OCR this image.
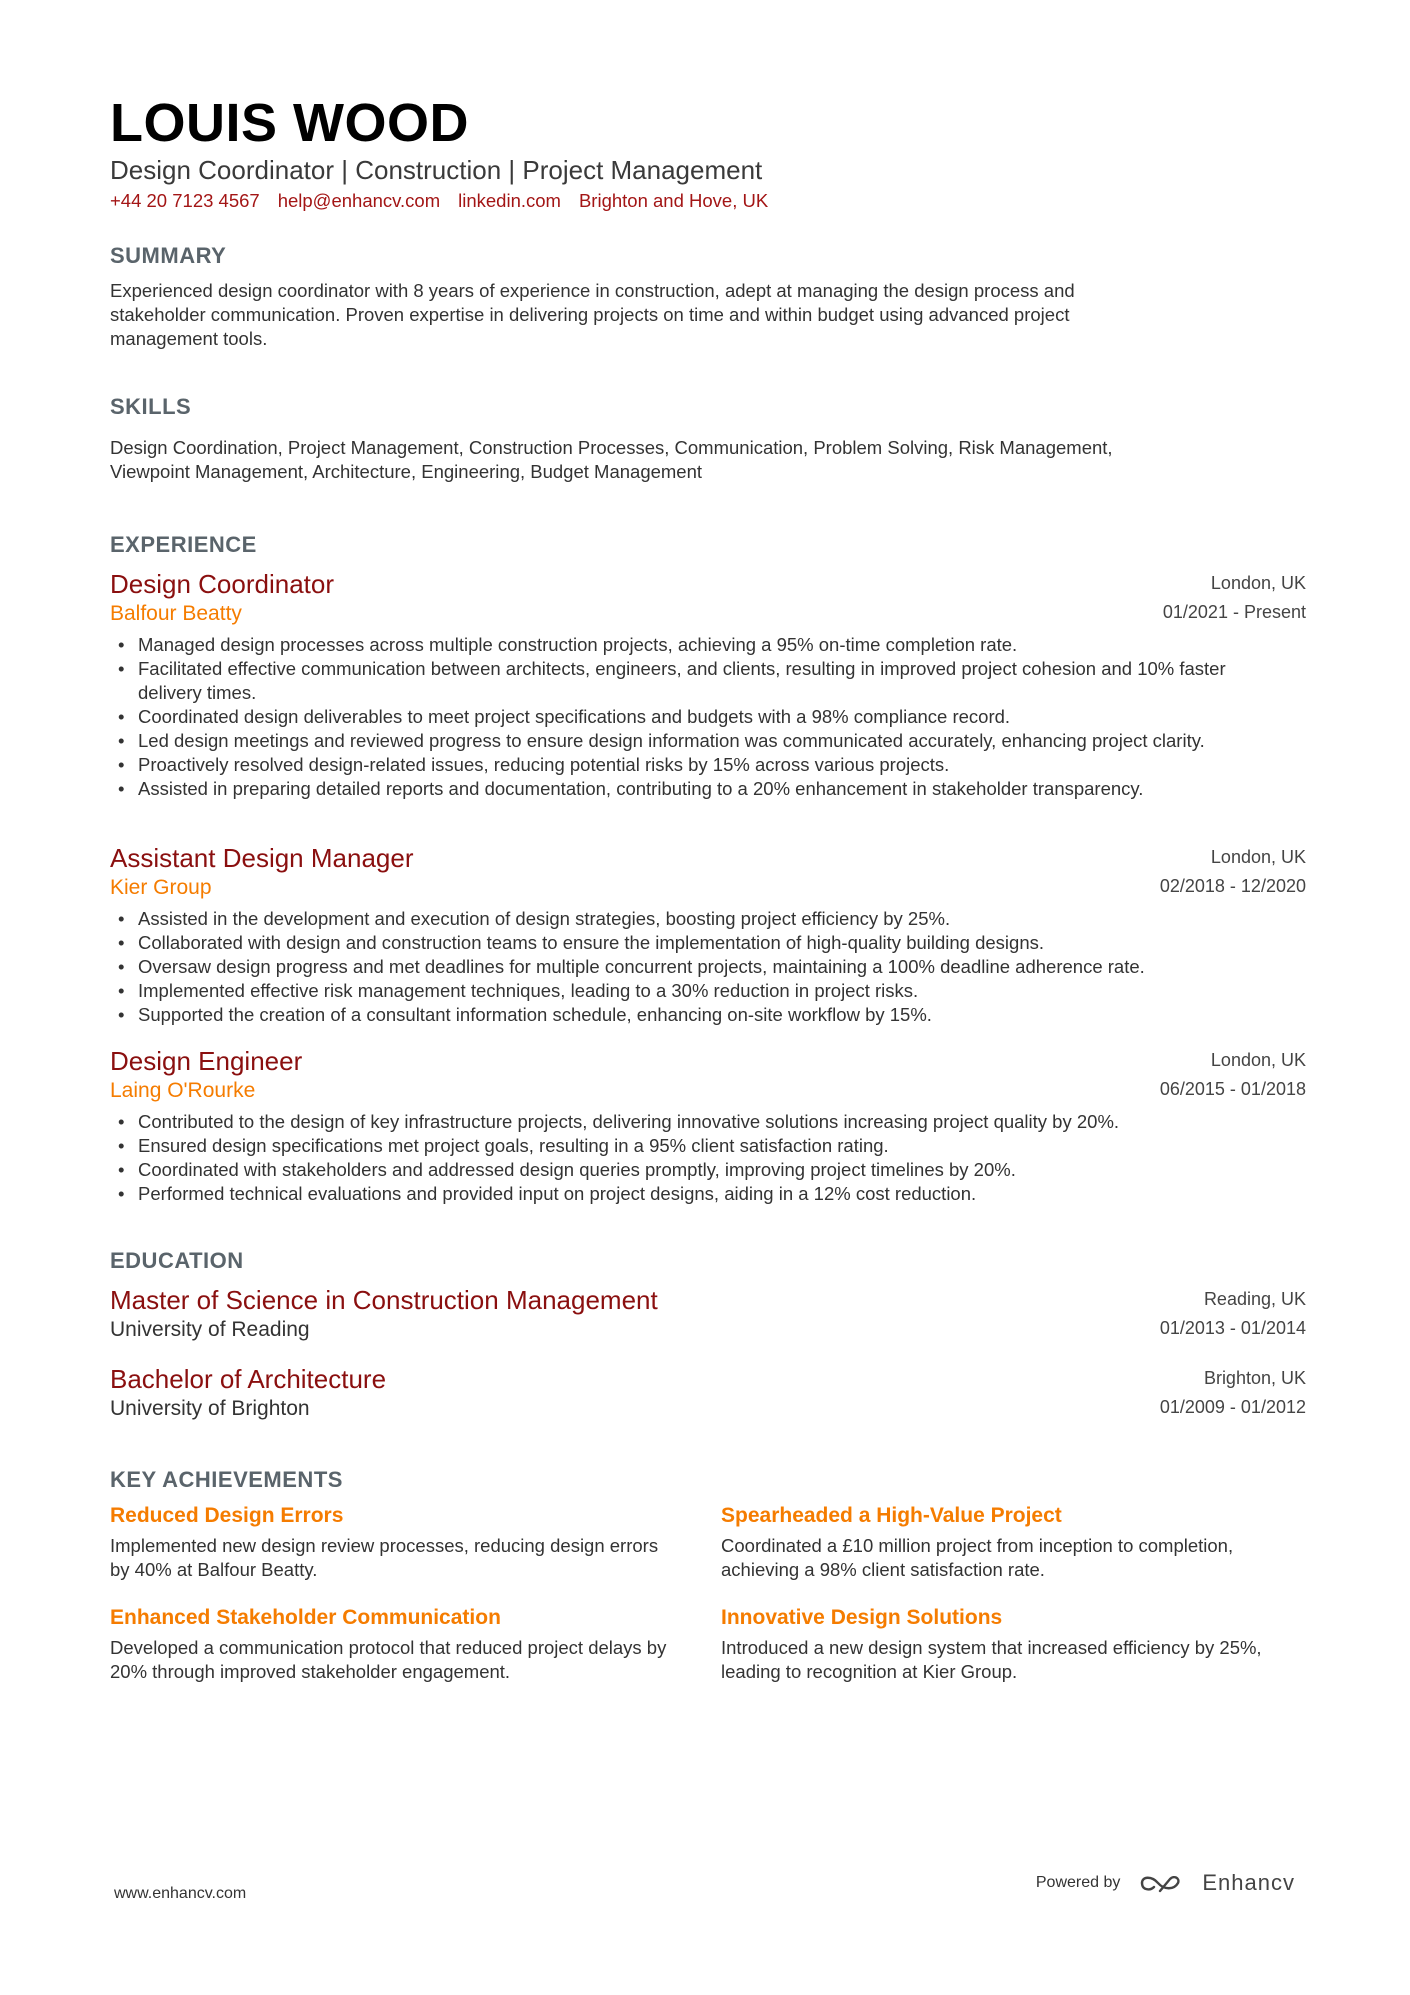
LOUIS WOOD
Design Coordinator | Construction | Project Management
+44 20 7123 4567 help@enhancv.com linkedin.com Brighton and Hove, UK
SUMMARY
Experienced design coordinator with 8 years of experience in construction, adept at managing the design process and
stakeholder communication. Proven expertise in delivering projects on time and within budget using advanced project
management tools.
SKILLS
Design Coordination, Project Management, Construction Processes, Communication, Problem Solving, Risk Management,
Viewpoint Management, Architecture, Engineering, Budget Management
EXPERIENCE
Design Coordinator
Balfour Beatty
London, UK
01/2021 - Present
• Managed design processes across multiple construction projects, achieving a 95% on-time completion rate.
• Facilitated effective communication between architects, engineers, and clients, resulting in improved project cohesion and 10% faster delivery times.
• Coordinated design deliverables to meet project specifications and budgets with a 98% compliance record.
• Led design meetings and reviewed progress to ensure design information was communicated accurately, enhancing project clarity.
• Proactively resolved design-related issues, reducing potential risks by 15% across various projects.
• Assisted in preparing detailed reports and documentation, contributing to a 20% enhancement in stakeholder transparency.
Assistant Design Manager
Kier Group
London, UK
02/2018 - 12/2020
• Assisted in the development and execution of design strategies, boosting project efficiency by 25%.
• Collaborated with design and construction teams to ensure the implementation of high-quality building designs.
• Oversaw design progress and met deadlines for multiple concurrent projects, maintaining a 100% deadline adherence rate.
• Implemented effective risk management techniques, leading to a 30% reduction in project risks.
• Supported the creation of a consultant information schedule, enhancing on-site workflow by 15%.
Design Engineer
Laing O'Rourke
London, UK
06/2015 - 01/2018
• Contributed to the design of key infrastructure projects, delivering innovative solutions increasing project quality by 20%.
• Ensured design specifications met project goals, resulting in a 95% client satisfaction rating.
• Coordinated with stakeholders and addressed design queries promptly, improving project timelines by 20%.
• Performed technical evaluations and provided input on project designs, aiding in a 12% cost reduction.
EDUCATION
Master of Science in Construction Management
University of Reading
Reading, UK
01/2013 - 01/2014
Bachelor of Architecture
University of Brighton
Brighton, UK
01/2009 - 01/2012
KEY ACHIEVEMENTS
Reduced Design Errors
Implemented new design review processes, reducing design errors by 40% at Balfour Beatty.
Spearheaded a High-Value Project
Coordinated a £10 million project from inception to completion, achieving a 98% client satisfaction rate.
Enhanced Stakeholder Communication
Developed a communication protocol that reduced project delays by 20% through improved stakeholder engagement.
Innovative Design Solutions
Introduced a new design system that increased efficiency by 25%, leading to recognition at Kier Group.
www.enhancv.com
Powered by	Enhancv
